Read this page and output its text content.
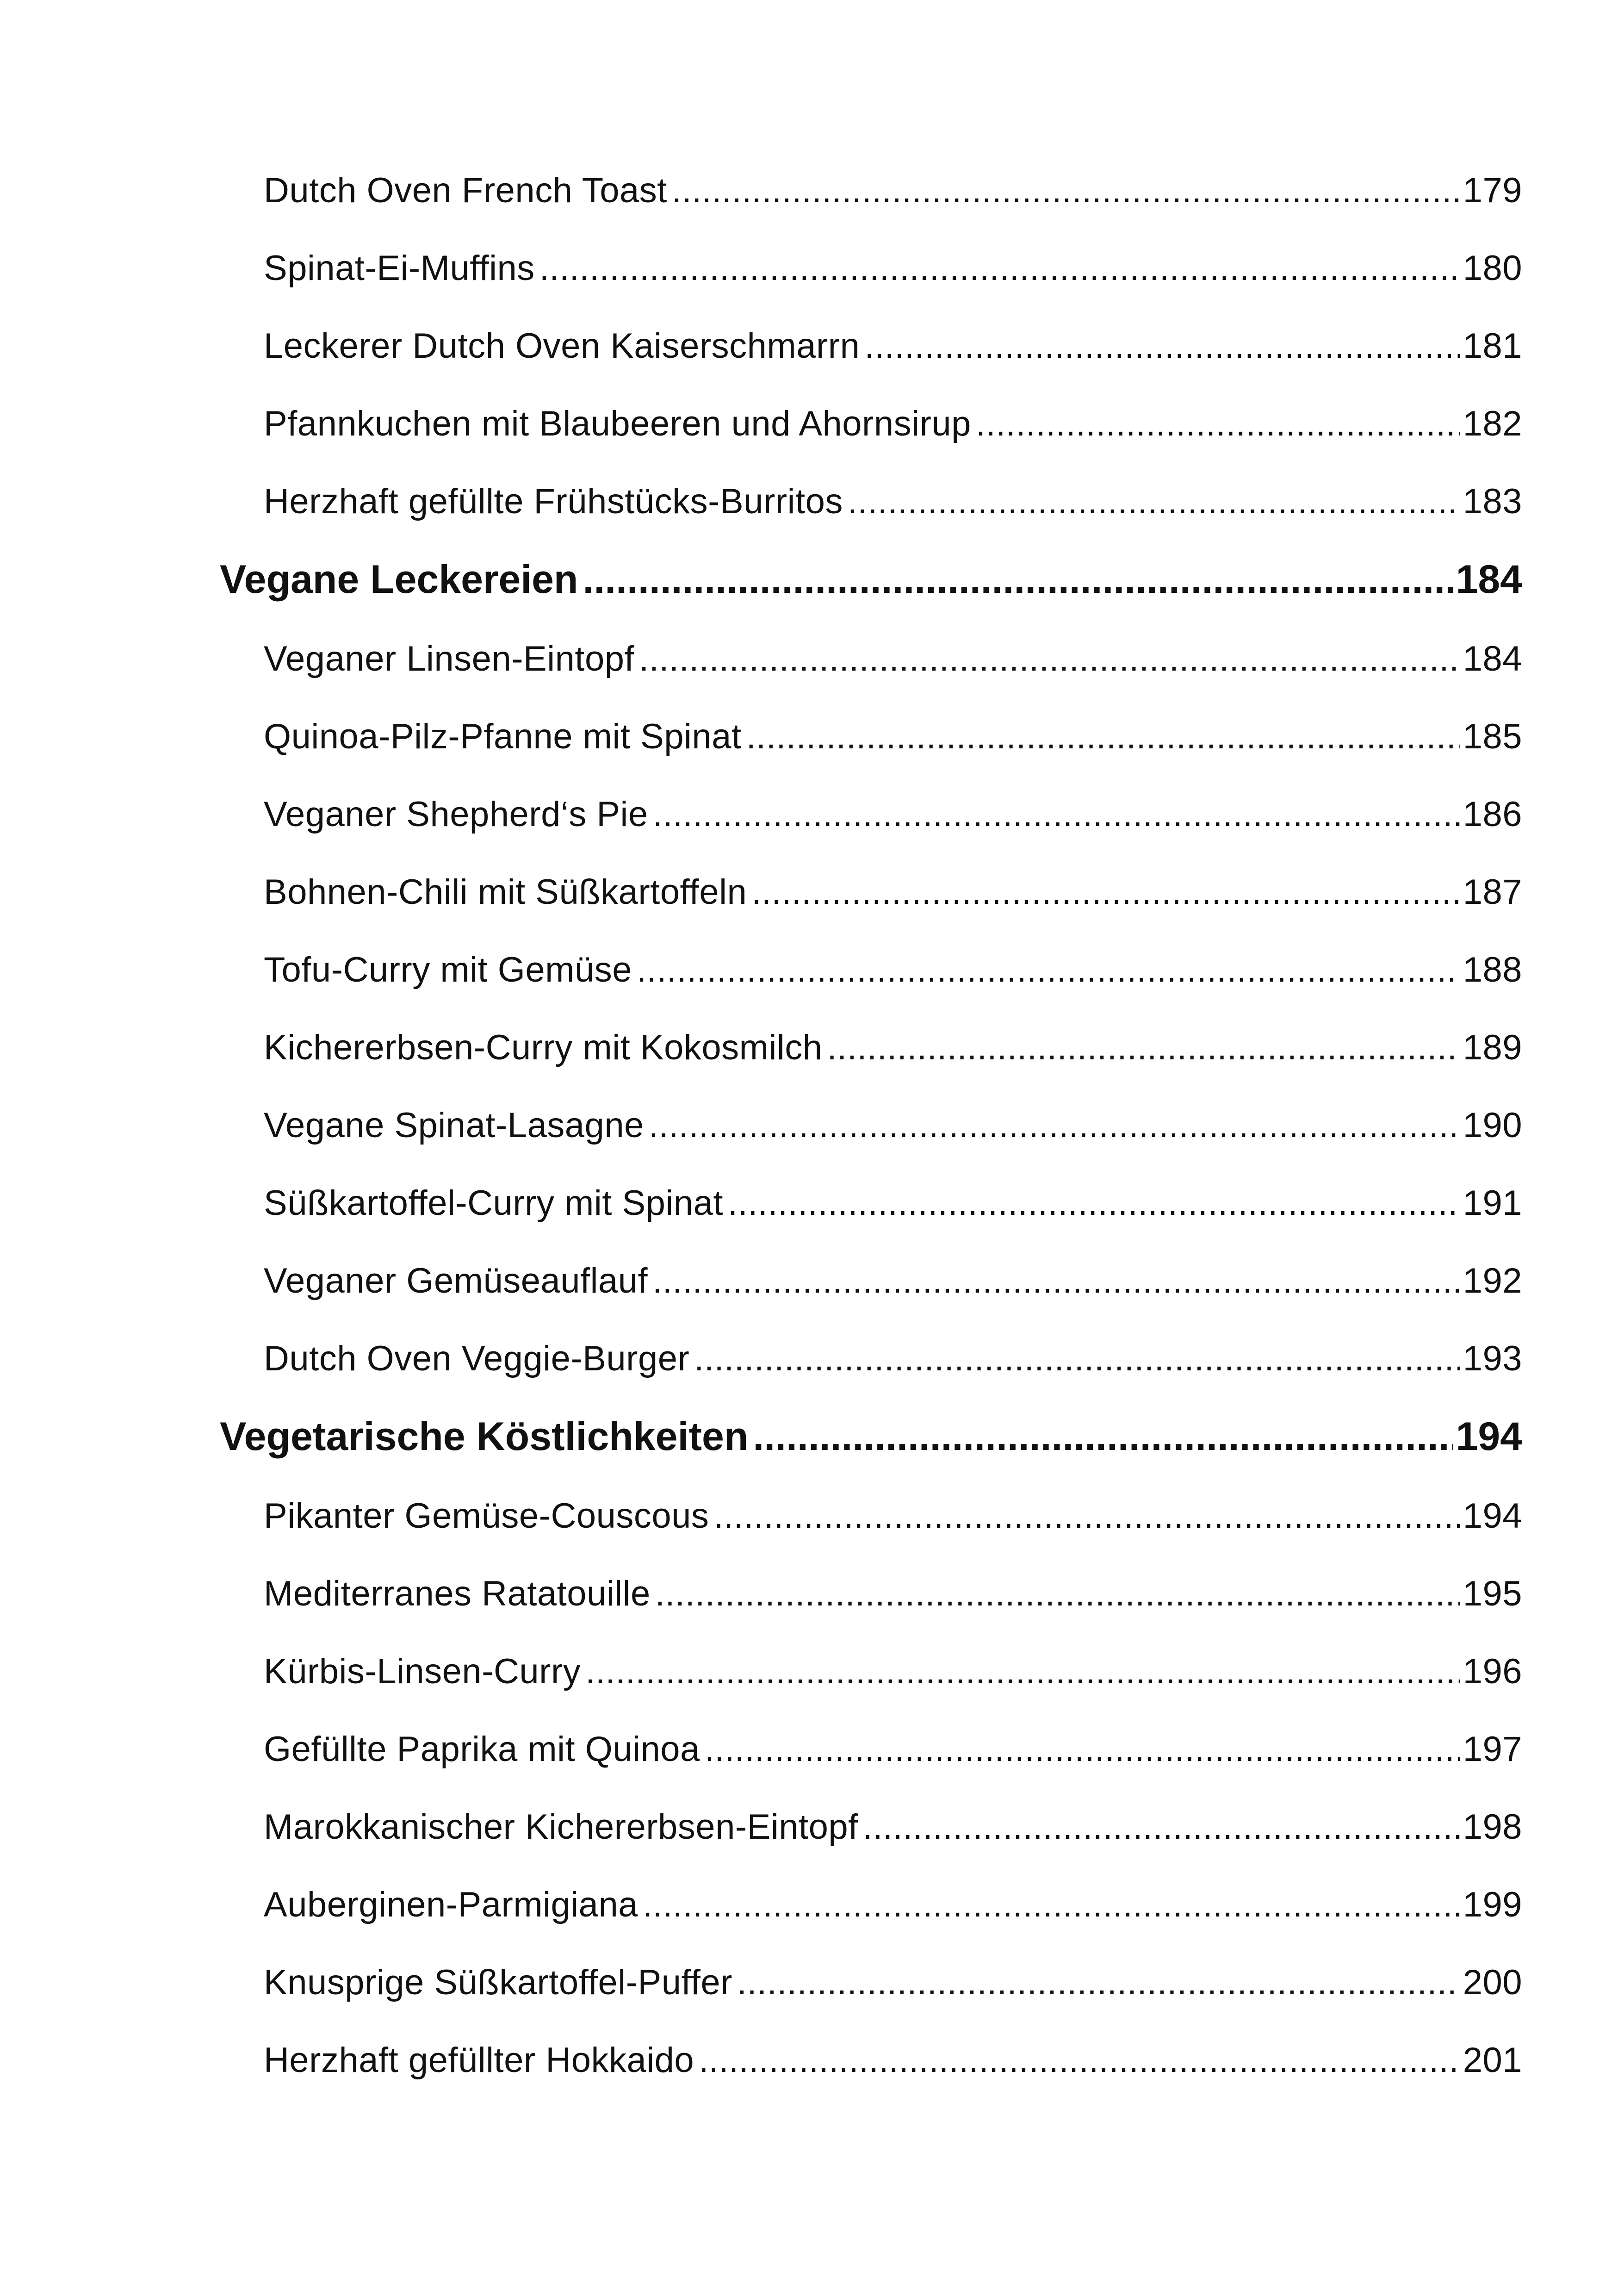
Dutch Oven French Toast .....	179
Spinat-Ei-Muffins .....	180
Leckerer Dutch Oven Kaiserschmarrn .....	181
Pfannkuchen mit Blaubeeren und Ahornsirup .....	182
Herzhaft gefüllte Frühstücks-Burritos .....	183
Vegane Leckereien .....	184
Veganer Linsen-Eintopf .....	184
Quinoa-Pilz-Pfanne mit Spinat .....	185
Veganer Shepherd‘s Pie .....	186
Bohnen-Chili mit Süßkartoffeln .....	187
Tofu-Curry mit Gemüse .....	188
Kichererbsen-Curry mit Kokosmilch .....	189
Vegane Spinat-Lasagne .....	190
Süßkartoffel-Curry mit Spinat .....	191
Veganer Gemüseauflauf .....	192
Dutch Oven Veggie-Burger .....	193
Vegetarische Köstlichkeiten .....	194
Pikanter Gemüse-Couscous .....	194
Mediterranes Ratatouille .....	195
Kürbis-Linsen-Curry .....	196
Gefüllte Paprika mit Quinoa .....	197
Marokkanischer Kichererbsen-Eintopf .....	198
Auberginen-Parmigiana .....	199
Knusprige Süßkartoffel-Puffer .....	200
Herzhaft gefüllter Hokkaido .....	201
